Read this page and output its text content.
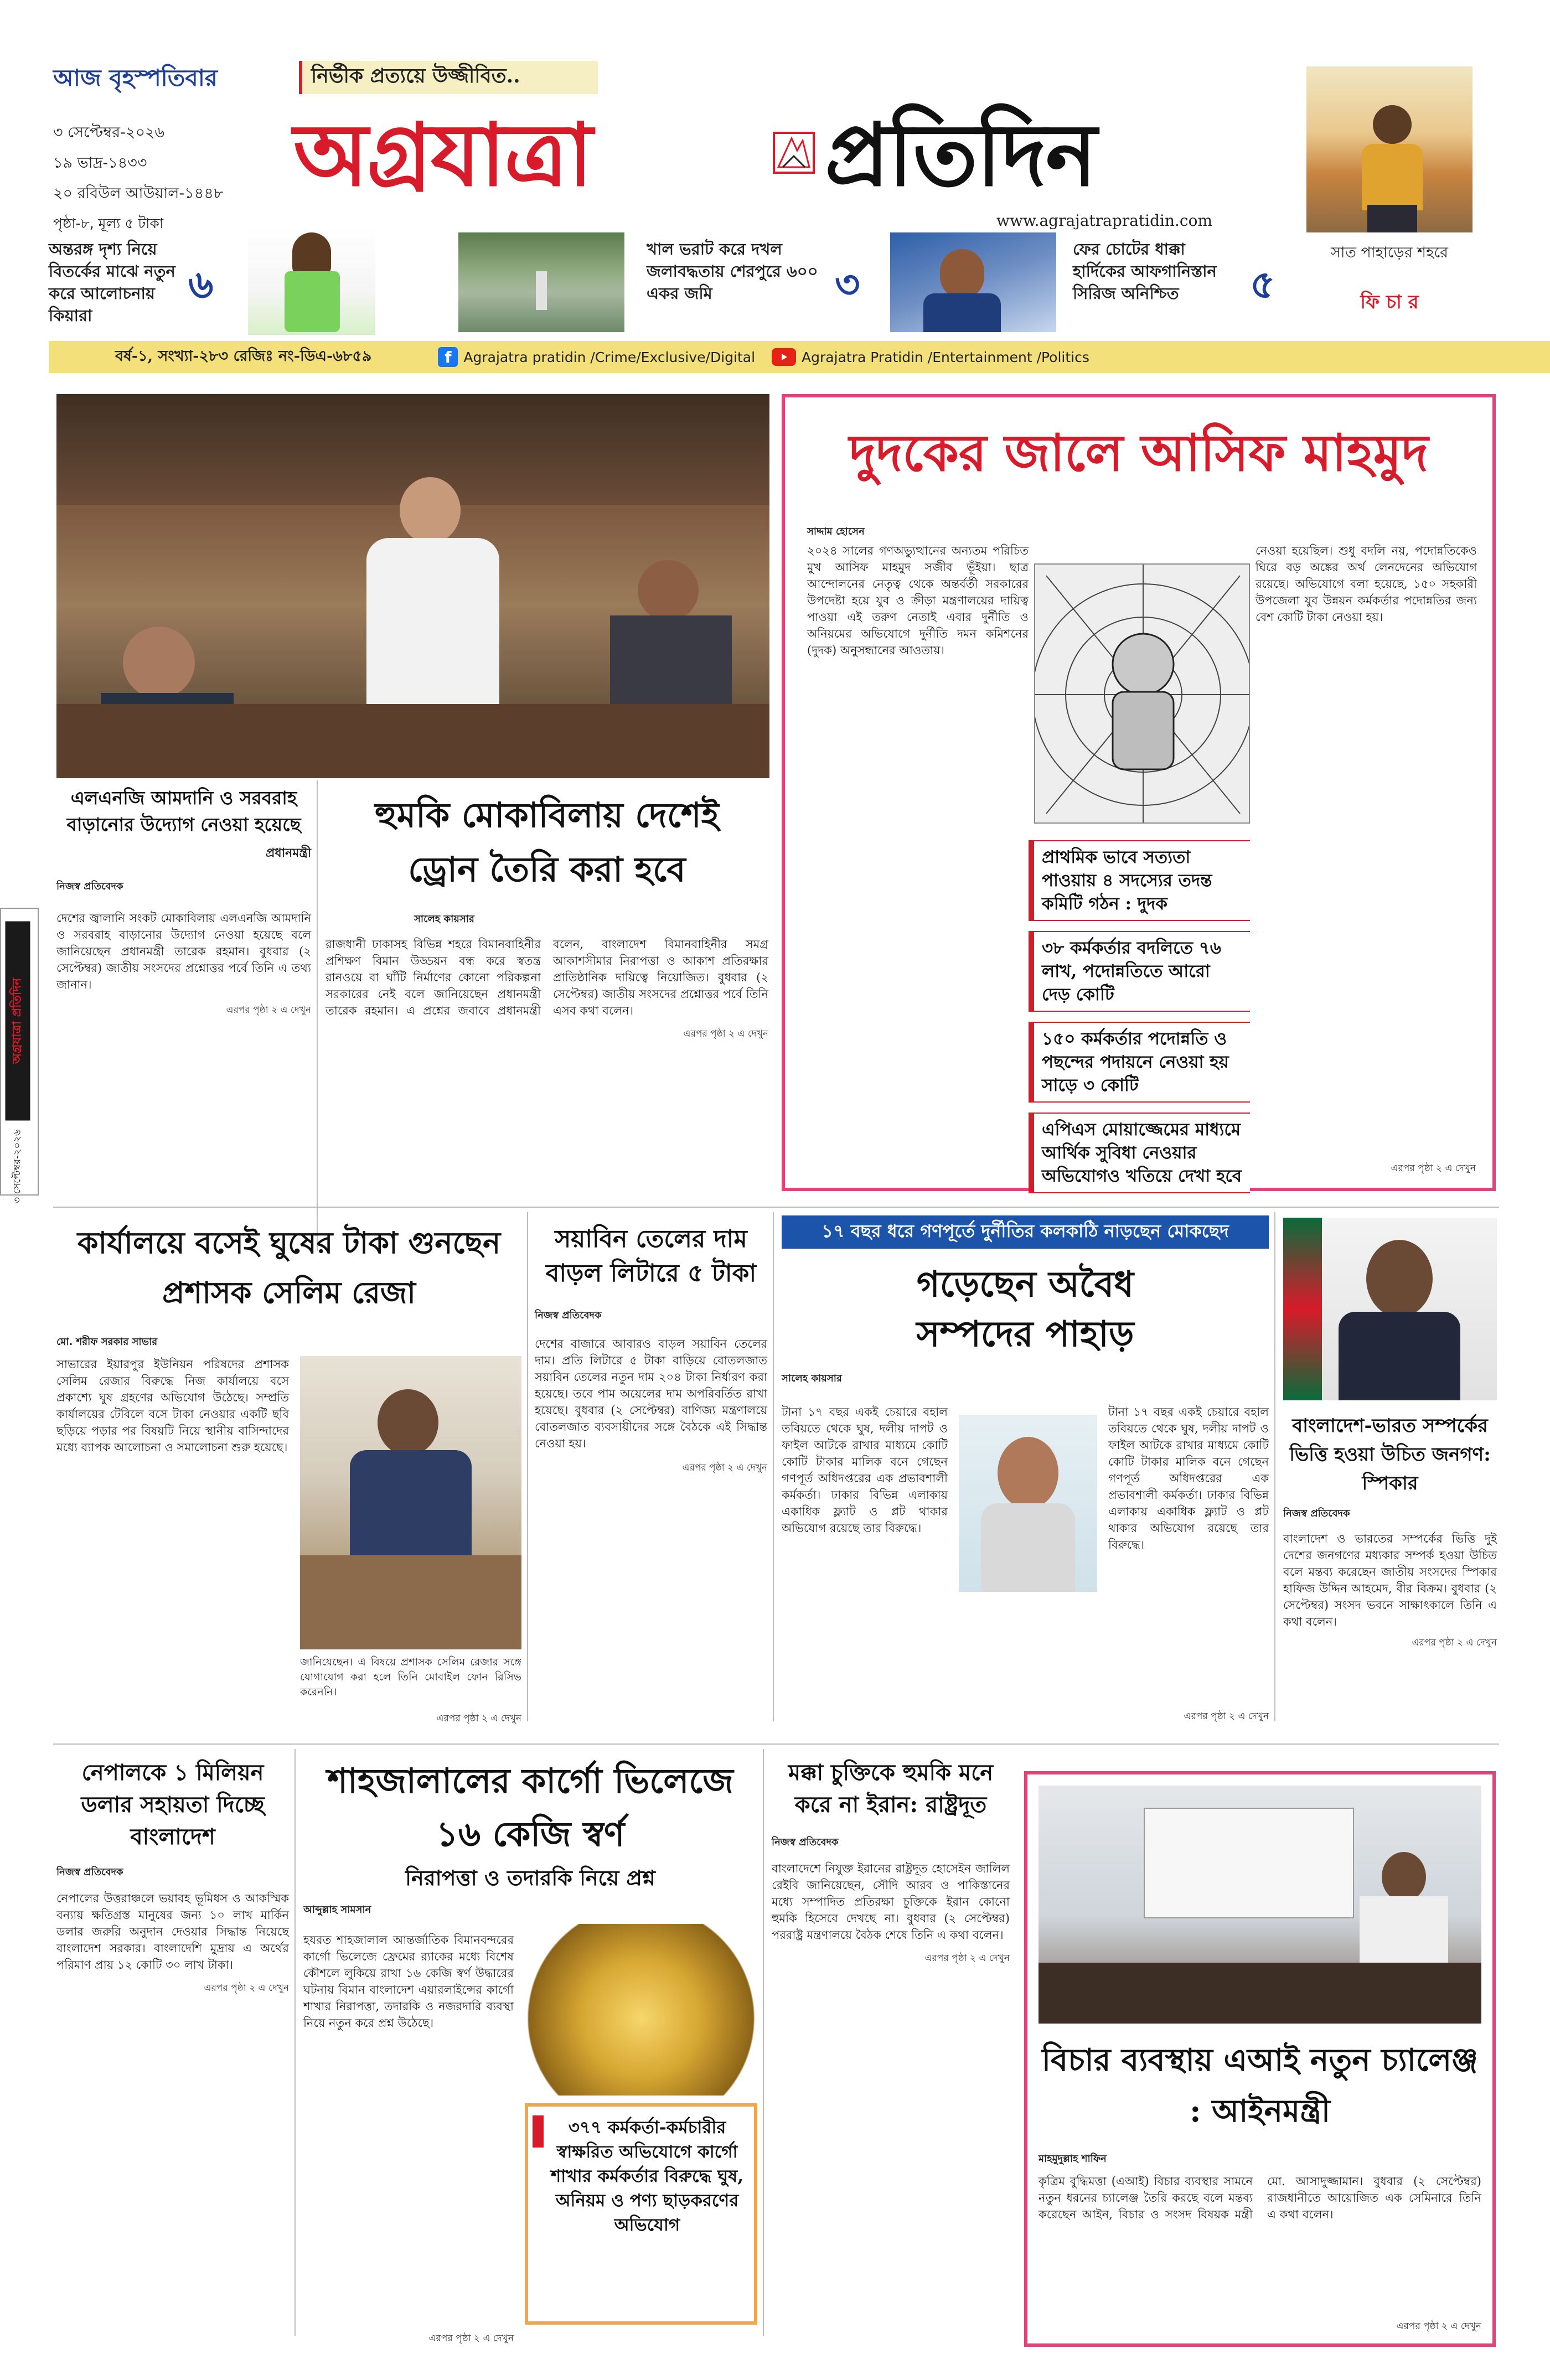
আজ বৃহস্পতিবার
৩ সেপ্টেম্বর-২০২৬
১৯ ভাদ্র-১৪৩৩
২০ রবিউল আউয়াল-১৪৪৮
পৃষ্ঠা-৮, মূল্য ৫ টাকা
নির্ভীক প্রত্যয়ে উজ্জীবিত..
অগ্রযাত্রা	প্রতিদিন
www.agrajatrapratidin.com
সাত পাহাড়ের শহরে
ফি চা র
অন্তরঙ্গ দৃশ্য নিয়ে বিতর্কের মাঝে নতুন করে আলোচনায় কিয়ারা
৬
খাল ভরাট করে দখল জলাবদ্ধতায় শেরপুরে ৬০০ একর জমি	৩
ফের চোটের ধাক্কা হার্দিকের আফগানিস্তান সিরিজ অনিশ্চিত	৫
বর্ষ-১, সংখ্যা-২৮৩ রেজিঃ নং-ডিএ-৬৮৫৯	f Agrajatra pratidin /Crime/Exclusive/Digital	Agrajatra Pratidin /Entertainment /Politics
অগ্রযাত্রা প্রতিদিন
৩ সেপ্টেম্বর-২০২৬
এলএনজি আমদানি ও সরবরাহ বাড়ানোর উদ্যোগ নেওয়া হয়েছে
প্রধানমন্ত্রী
নিজস্ব প্রতিবেদক
দেশের জ্বালানি সংকট মোকাবিলায় এলএনজি আমদানি ও সরবরাহ বাড়ানোর উদ্যোগ নেওয়া হয়েছে বলে জানিয়েছেন প্রধানমন্ত্রী তারেক রহমান। বুধবার (২ সেপ্টেম্বর) জাতীয় সংসদের প্রশ্নোত্তর পর্বে তিনি এ তথ্য জানান।
এরপর পৃষ্ঠা ২ এ দেখুন
হুমকি মোকাবিলায় দেশেই ড্রোন তৈরি করা হবে
সালেহ কায়সার
রাজধানী ঢাকাসহ বিভিন্ন শহরে বিমানবাহিনীর প্রশিক্ষণ বিমান উড্ডয়ন বন্ধ করে স্বতন্ত্র রানওয়ে বা ঘাঁটি নির্মাণের কোনো পরিকল্পনা সরকারের নেই বলে জানিয়েছেন প্রধানমন্ত্রী তারেক রহমান। এ প্রশ্নের জবাবে প্রধানমন্ত্রী বলেন, বাংলাদেশ বিমানবাহিনীর সমগ্র আকাশসীমার নিরাপত্তা ও আকাশ প্রতিরক্ষার প্রাতিষ্ঠানিক দায়িত্বে নিয়োজিত। বুধবার (২ সেপ্টেম্বর) জাতীয় সংসদের প্রশ্নোত্তর পর্বে তিনি এসব কথা বলেন।
এরপর পৃষ্ঠা ২ এ দেখুন
দুদকের জালে আসিফ মাহমুদ
সাদ্দাম হোসেন
২০২৪ সালের গণঅভ্যুত্থানের অন্যতম পরিচিত মুখ আসিফ মাহমুদ সজীব ভূঁইয়া। ছাত্র আন্দোলনের নেতৃত্ব থেকে অন্তর্বর্তী সরকারের উপদেষ্টা হয়ে যুব ও ক্রীড়া মন্ত্রণালয়ের দায়িত্ব পাওয়া এই তরুণ নেতাই এবার দুর্নীতি ও অনিয়মের অভিযোগে দুর্নীতি দমন কমিশনের (দুদক) অনুসন্ধানের আওতায়।
নেওয়া হয়েছিল। শুধু বদলি নয়, পদোন্নতিকেও ঘিরে বড় অঙ্কের অর্থ লেনদেনের অভিযোগ রয়েছে। অভিযোগে বলা হয়েছে, ১৫০ সহকারী উপজেলা যুব উন্নয়ন কর্মকর্তার পদোন্নতির জন্য বেশ কোটি টাকা নেওয়া হয়।
প্রাথমিক ভাবে সত্যতা পাওয়ায় ৪ সদস্যের তদন্ত কমিটি গঠন : দুদক
৩৮ কর্মকর্তার বদলিতে ৭৬ লাখ, পদোন্নতিতে আরো দেড় কোটি
১৫০ কর্মকর্তার পদোন্নতি ও পছন্দের পদায়নে নেওয়া হয় সাড়ে ৩ কোটি
এপিএস মোয়াজ্জেমের মাধ্যমে আর্থিক সুবিধা নেওয়ার অভিযোগও খতিয়ে দেখা হবে	এরপর পৃষ্ঠা ২ এ দেখুন
কার্যালয়ে বসেই ঘুষের টাকা গুনছেন প্রশাসক সেলিম রেজা
মো. শরীফ সরকার সাভার
সাভারের ইয়ারপুর ইউনিয়ন পরিষদের প্রশাসক সেলিম রেজার বিরুদ্ধে নিজ কার্যালয়ে বসে প্রকাশ্যে ঘুষ গ্রহণের অভিযোগ উঠেছে। সম্প্রতি কার্যালয়ের টেবিলে বসে টাকা নেওয়ার একটি ছবি ছড়িয়ে পড়ার পর বিষয়টি নিয়ে স্থানীয় বাসিন্দাদের মধ্যে ব্যাপক আলোচনা ও সমালোচনা শুরু হয়েছে।
জানিয়েছেন। এ বিষয়ে প্রশাসক সেলিম রেজার সঙ্গে যোগাযোগ করা হলে তিনি মোবাইল ফোন রিসিভ করেননি।
এরপর পৃষ্ঠা ২ এ দেখুন
সয়াবিন তেলের দাম বাড়ল লিটারে ৫ টাকা
নিজস্ব প্রতিবেদক
দেশের বাজারে আবারও বাড়ল সয়াবিন তেলের দাম। প্রতি লিটারে ৫ টাকা বাড়িয়ে বোতলজাত সয়াবিন তেলের নতুন দাম ২০৪ টাকা নির্ধারণ করা হয়েছে। তবে পাম অয়েলের দাম অপরিবর্তিত রাখা হয়েছে। বুধবার (২ সেপ্টেম্বর) বাণিজ্য মন্ত্রণালয়ে বোতলজাত ব্যবসায়ীদের সঙ্গে বৈঠকে এই সিদ্ধান্ত নেওয়া হয়।
এরপর পৃষ্ঠা ২ এ দেখুন
১৭ বছর ধরে গণপূর্তে দুর্নীতির কলকাঠি নাড়ছেন মোকছেদ
গড়েছেন অবৈধ সম্পদের পাহাড়
সালেহ কায়সার
টানা ১৭ বছর একই চেয়ারে বহাল তবিয়তে থেকে ঘুষ, দলীয় দাপট ও ফাইল আটকে রাখার মাধ্যমে কোটি কোটি টাকার মালিক বনে গেছেন গণপূর্ত অধিদপ্তরের এক প্রভাবশালী কর্মকর্তা। ঢাকার বিভিন্ন এলাকায় একাধিক ফ্ল্যাট ও প্লট থাকার অভিযোগ রয়েছে তার বিরুদ্ধে।
টানা ১৭ বছর একই চেয়ারে বহাল তবিয়তে থেকে ঘুষ, দলীয় দাপট ও ফাইল আটকে রাখার মাধ্যমে কোটি কোটি টাকার মালিক বনে গেছেন গণপূর্ত অধিদপ্তরের এক প্রভাবশালী কর্মকর্তা। ঢাকার বিভিন্ন এলাকায় একাধিক ফ্ল্যাট ও প্লট থাকার অভিযোগ রয়েছে তার বিরুদ্ধে।
এরপর পৃষ্ঠা ২ এ দেখুন
বাংলাদেশ-ভারত সম্পর্কের ভিত্তি হওয়া উচিত জনগণ: স্পিকার
নিজস্ব প্রতিবেদক
বাংলাদেশ ও ভারতের সম্পর্কের ভিত্তি দুই দেশের জনগণের মধ্যকার সম্পর্ক হওয়া উচিত বলে মন্তব্য করেছেন জাতীয় সংসদের স্পিকার হাফিজ উদ্দিন আহমেদ, বীর বিক্রম। বুধবার (২ সেপ্টেম্বর) সংসদ ভবনে সাক্ষাৎকালে তিনি এ কথা বলেন।
এরপর পৃষ্ঠা ২ এ দেখুন
নেপালকে ১ মিলিয়ন ডলার সহায়তা দিচ্ছে বাংলাদেশ
নিজস্ব প্রতিবেদক
নেপালের উত্তরাঞ্চলে ভয়াবহ ভূমিধস ও আকস্মিক বন্যায় ক্ষতিগ্রস্ত মানুষের জন্য ১০ লাখ মার্কিন ডলার জরুরি অনুদান দেওয়ার সিদ্ধান্ত নিয়েছে বাংলাদেশ সরকার। বাংলাদেশি মুদ্রায় এ অর্থের পরিমাণ প্রায় ১২ কোটি ৩০ লাখ টাকা।
এরপর পৃষ্ঠা ২ এ দেখুন
শাহজালালের কার্গো ভিলেজে ১৬ কেজি স্বর্ণ
নিরাপত্তা ও তদারকি নিয়ে প্রশ্ন
আব্দুল্লাহ সামসান
হযরত শাহজালাল আন্তর্জাতিক বিমানবন্দরের কার্গো ভিলেজে ফ্রেমের র‍্যাকের মধ্যে বিশেষ কৌশলে লুকিয়ে রাখা ১৬ কেজি স্বর্ণ উদ্ধারের ঘটনায় বিমান বাংলাদেশ এয়ারলাইন্সের কার্গো শাখার নিরাপত্তা, তদারকি ও নজরদারি ব্যবস্থা নিয়ে নতুন করে প্রশ্ন উঠেছে।
৩৭৭ কর্মকর্তা-কর্মচারীর স্বাক্ষরিত অভিযোগে কার্গো শাখার কর্মকর্তার বিরুদ্ধে ঘুষ, অনিয়ম ও পণ্য ছাড়করণের অভিযোগ
এরপর পৃষ্ঠা ২ এ দেখুন
মক্কা চুক্তিকে হুমকি মনে করে না ইরান: রাষ্ট্রদূত
নিজস্ব প্রতিবেদক
বাংলাদেশে নিযুক্ত ইরানের রাষ্ট্রদূত হোসেইন জালিল রেইবি জানিয়েছেন, সৌদি আরব ও পাকিস্তানের মধ্যে সম্পাদিত প্রতিরক্ষা চুক্তিকে ইরান কোনো হুমকি হিসেবে দেখছে না। বুধবার (২ সেপ্টেম্বর) পররাষ্ট্র মন্ত্রণালয়ে বৈঠক শেষে তিনি এ কথা বলেন।
এরপর পৃষ্ঠা ২ এ দেখুন
বিচার ব্যবস্থায় এআই নতুন চ্যালেঞ্জ : আইনমন্ত্রী
মাহমুদুল্লাহ শাফিন
কৃত্রিম বুদ্ধিমত্তা (এআই) বিচার ব্যবস্থার সামনে নতুন ধরনের চ্যালেঞ্জ তৈরি করছে বলে মন্তব্য করেছেন আইন, বিচার ও সংসদ বিষয়ক মন্ত্রী মো. আসাদুজ্জামান। বুধবার (২ সেপ্টেম্বর) রাজধানীতে আয়োজিত এক সেমিনারে তিনি এ কথা বলেন।
এরপর পৃষ্ঠা ২ এ দেখুন
